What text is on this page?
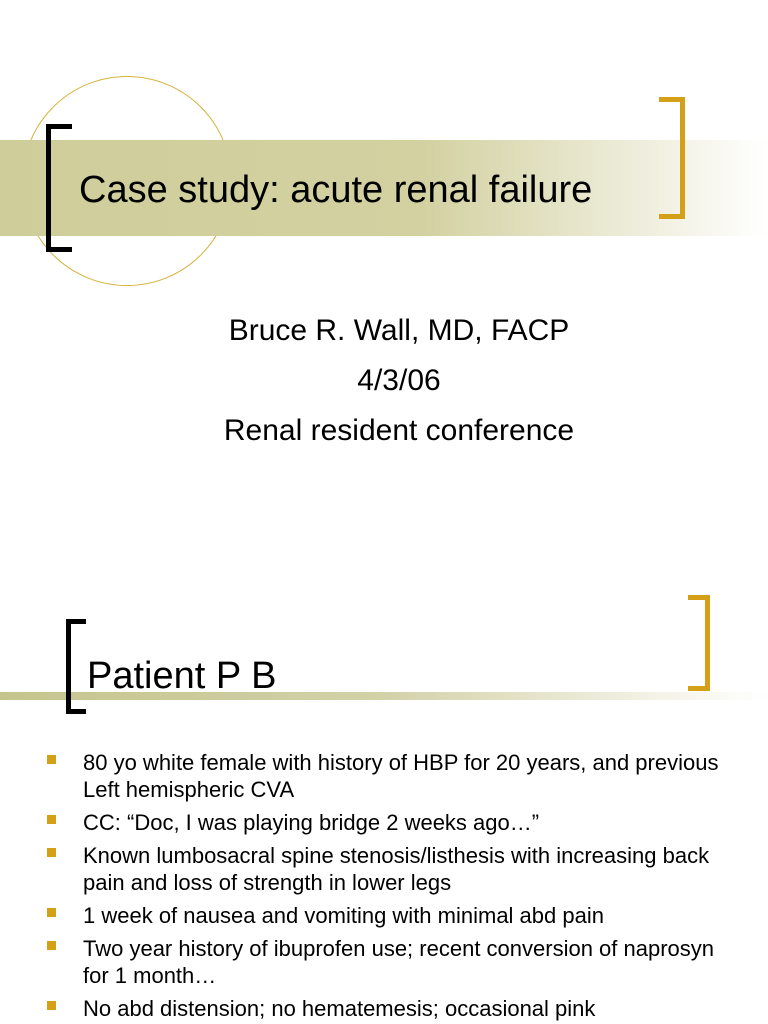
Case study: acute renal failure
Bruce R. Wall, MD, FACP
4/3/06
Renal resident conference
Patient P B
80 yo white female with history of HBP for 20 years, and previous Left hemispheric CVA
CC: “Doc, I was playing bridge 2 weeks ago…”
Known lumbosacral spine stenosis/listhesis with increasing back pain and loss of strength in lower legs
1 week of nausea and vomiting with minimal abd pain
Two year history of ibuprofen use; recent conversion of naprosyn for 1 month…
No abd distension; no hematemesis; occasional pink
